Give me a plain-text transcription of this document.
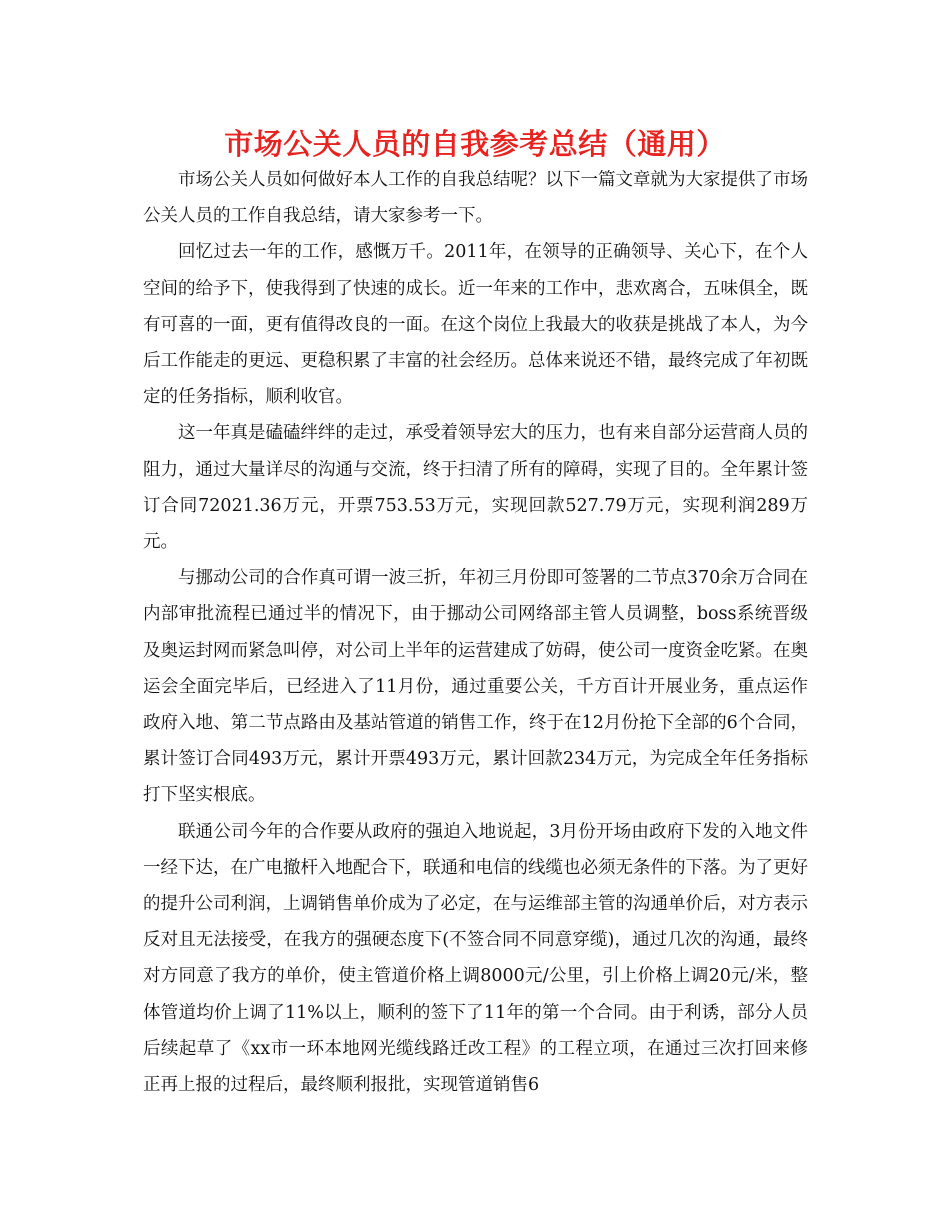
市场公关人员的自我参考总结（通用）

市场公关人员如何做好本人工作的自我总结呢？以下一篇文章就为大家提供了市场公关人员的工作自我总结，请大家参考一下。

回忆过去一年的工作，感慨万千。2011年，在领导的正确领导、关心下，在个人空间的给予下，使我得到了快速的成长。近一年来的工作中，悲欢离合，五味俱全，既有可喜的一面，更有值得改良的一面。在这个岗位上我最大的收获是挑战了本人，为今后工作能走的更远、更稳积累了丰富的社会经历。总体来说还不错，最终完成了年初既定的任务指标，顺利收官。

这一年真是磕磕绊绊的走过，承受着领导宏大的压力，也有来自部分运营商人员的阻力，通过大量详尽的沟通与交流，终于扫清了所有的障碍，实现了目的。全年累计签订合同72021.36万元，开票753.53万元，实现回款527.79万元，实现利润289万元。

与挪动公司的合作真可谓一波三折，年初三月份即可签署的二节点370余万合同在内部审批流程已通过半的情况下，由于挪动公司网络部主管人员调整，boss系统晋级及奥运封网而紧急叫停，对公司上半年的运营建成了妨碍，使公司一度资金吃紧。在奥运会全面完毕后，已经进入了11月份，通过重要公关，千方百计开展业务，重点运作政府入地、第二节点路由及基站管道的销售工作，终于在12月份抢下全部的6个合同，累计签订合同493万元，累计开票493万元，累计回款234万元，为完成全年任务指标打下坚实根底。

联通公司今年的合作要从政府的强迫入地说起，3月份开场由政府下发的入地文件一经下达，在广电撤杆入地配合下，联通和电信的线缆也必须无条件的下落。为了更好的提升公司利润，上调销售单价成为了必定，在与运维部主管的沟通单价后，对方表示反对且无法接受，在我方的强硬态度下(不签合同不同意穿缆)，通过几次的沟通，最终对方同意了我方的单价，使主管道价格上调8000元/公里，引上价格上调20元/米，整体管道均价上调了11%以上，顺利的签下了11年的第一个合同。由于利诱，部分人员后续起草了《xx市一环本地网光缆线路迁改工程》的工程立项，在通过三次打回来修正再上报的过程后，最终顺利报批，实现管道销售6
